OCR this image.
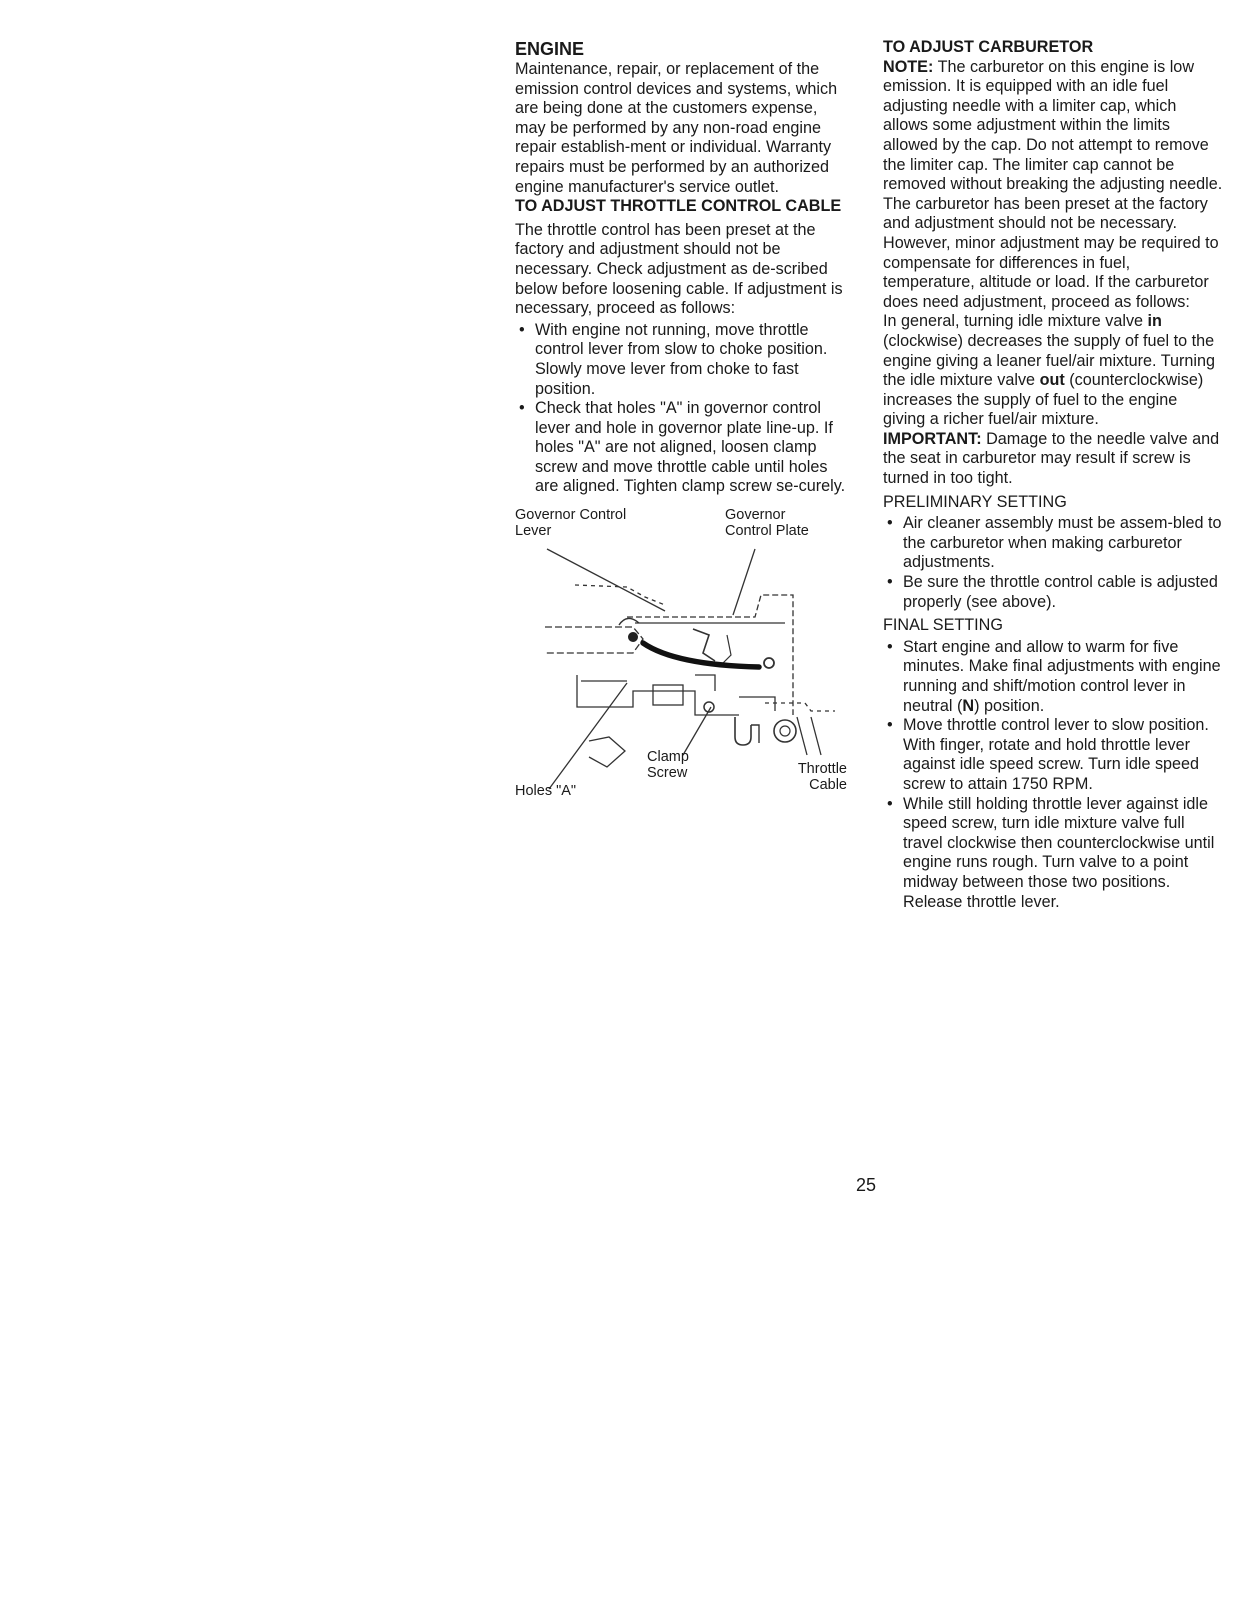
ENGINE

Maintenance, repair, or replacement of the emission control devices and systems, which are being done at the customers expense, may be performed by any non-road engine repair establish-ment or individual. Warranty repairs must be performed by an authorized engine manufacturer's service outlet.

TO ADJUST THROTTLE CONTROL CABLE

The throttle control has been preset at the factory and adjustment should not be necessary. Check adjustment as de-scribed below before loosening cable. If adjustment is necessary, proceed as follows:

• With engine not running, move throttle control lever from slow to choke position. Slowly move lever from choke to fast position.
• Check that holes "A" in governor control lever and hole in governor plate line-up. If holes "A" are not aligned, loosen clamp screw and move throttle cable until holes are aligned. Tighten clamp screw se-curely.
Governor Control Lever
Governor Control Plate
Clamp Screw	Throttle Cable
Holes "A"
TO ADJUST CARBURETOR

NOTE: The carburetor on this engine is low emission. It is equipped with an idle fuel adjusting needle with a limiter cap, which allows some adjustment within the limits allowed by the cap. Do not attempt to remove the limiter cap. The limiter cap cannot be removed without breaking the adjusting needle.

The carburetor has been preset at the factory and adjustment should not be necessary. However, minor adjustment may be required to compensate for differences in fuel, temperature, altitude or load. If the carburetor does need adjustment, proceed as follows:

In general, turning idle mixture valve in (clockwise) decreases the supply of fuel to the engine giving a leaner fuel/air mixture. Turning the idle mixture valve out (counterclockwise) increases the supply of fuel to the engine giving a richer fuel/air mixture.

IMPORTANT: Damage to the needle valve and the seat in carburetor may result if screw is turned in too tight.

PRELIMINARY SETTING

• Air cleaner assembly must be assem-bled to the carburetor when making carburetor adjustments.
• Be sure the throttle control cable is adjusted properly (see above).

FINAL SETTING

• Start engine and allow to warm for five minutes. Make final adjustments with engine running and shift/motion control lever in neutral (N) position.
• Move throttle control lever to slow position. With finger, rotate and hold throttle lever against idle speed screw. Turn idle speed screw to attain 1750 RPM.
• While still holding throttle lever against idle speed screw, turn idle mixture valve full travel clockwise then counterclockwise until engine runs rough. Turn valve to a point midway between those two positions. Release throttle lever.
25
